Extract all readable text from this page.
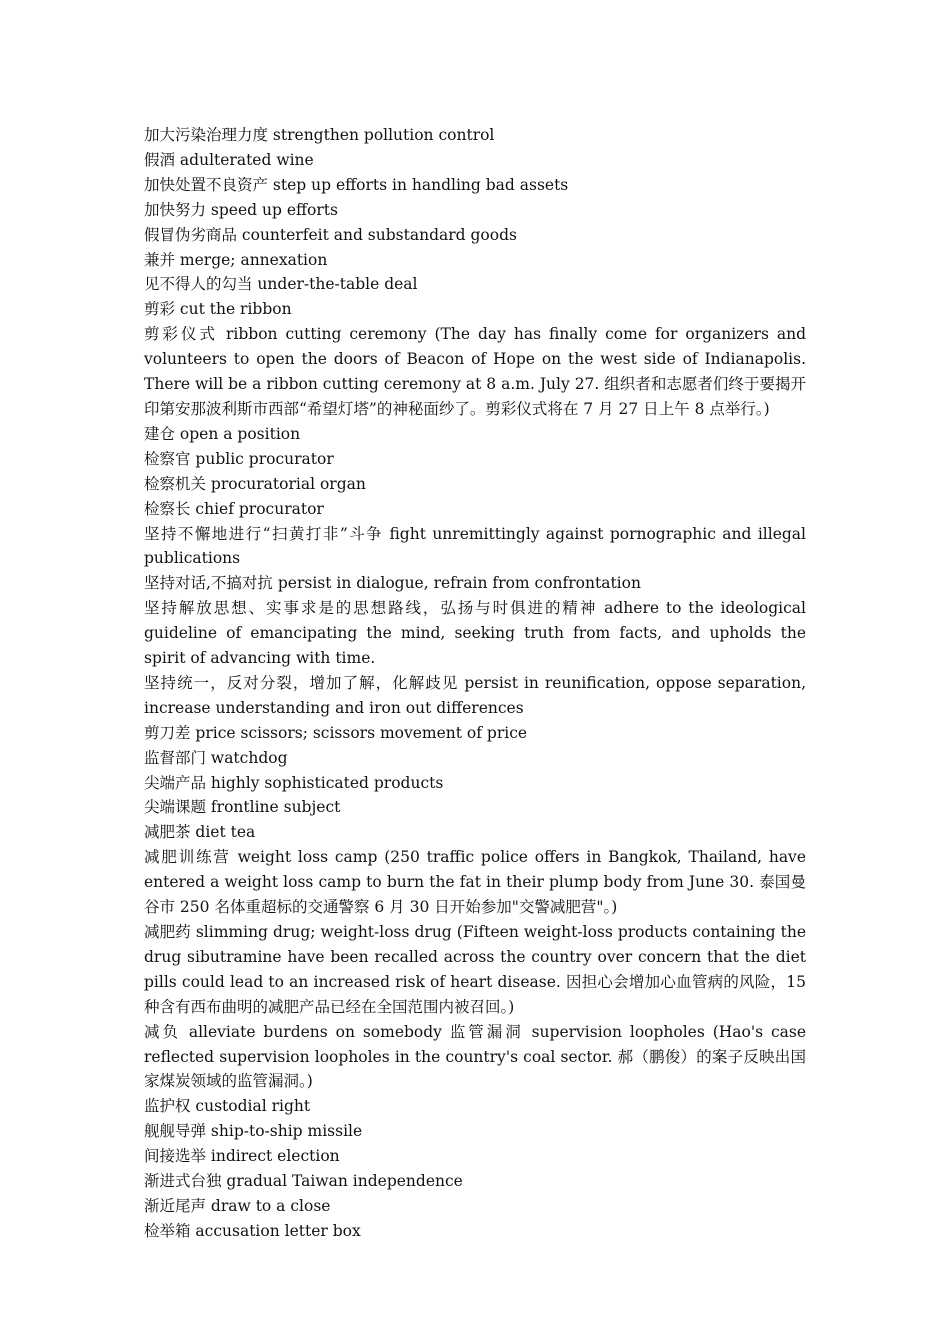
加大污染治理力度 strengthen pollution control

假酒 adulterated wine

加快处置不良资产 step up efforts in handling bad assets

加快努力 speed up efforts

假冒伪劣商品 counterfeit and substandard goods

兼并 merge; annexation

见不得人的勾当 under-the-table deal

剪彩 cut the ribbon

剪彩仪式 ribbon cutting ceremony (The day has finally come for organizers and volunteers to open the doors of Beacon of Hope on the west side of Indianapolis. There will be a ribbon cutting ceremony at 8 a.m. July 27. 组织者和志愿者们终于要揭开印第安那波利斯市西部“希望灯塔”的神秘面纱了。剪彩仪式将在 7 月 27 日上午 8 点举行。)

建仓 open a position

检察官 public procurator

检察机关 procuratorial organ

检察长 chief procurator

坚持不懈地进行“扫黄打非”斗争 fight unremittingly against pornographic and illegal publications

坚持对话,不搞对抗 persist in dialogue, refrain from confrontation

坚持解放思想、实事求是的思想路线，弘扬与时俱进的精神 adhere to the ideological guideline of emancipating the mind, seeking truth from facts, and upholds the spirit of advancing with time.

坚持统一，反对分裂，增加了解，化解歧见 persist in reunification, oppose separation, increase understanding and iron out differences

剪刀差 price scissors; scissors movement of price

监督部门 watchdog

尖端产品 highly sophisticated products

尖端课题 frontline subject

减肥茶 diet tea

减肥训练营 weight loss camp (250 traffic police offers in Bangkok, Thailand, have entered a weight loss camp to burn the fat in their plump body from June 30. 泰国曼谷市 250 名体重超标的交通警察 6 月 30 日开始参加"交警减肥营"。)

减肥药 slimming drug; weight-loss drug (Fifteen weight-loss products containing the drug sibutramine have been recalled across the country over concern that the diet pills could lead to an increased risk of heart disease. 因担心会增加心血管病的风险，15 种含有西布曲明的减肥产品已经在全国范围内被召回。)

减负 alleviate burdens on somebody 监管漏洞 supervision loopholes (Hao's case reflected supervision loopholes in the country's coal sector. 郝（鹏俊）的案子反映出国家煤炭领域的监管漏洞。)

监护权 custodial right

舰舰导弹 ship-to-ship missile

间接选举 indirect election

渐进式台独 gradual Taiwan independence

渐近尾声 draw to a close

检举箱 accusation letter box
